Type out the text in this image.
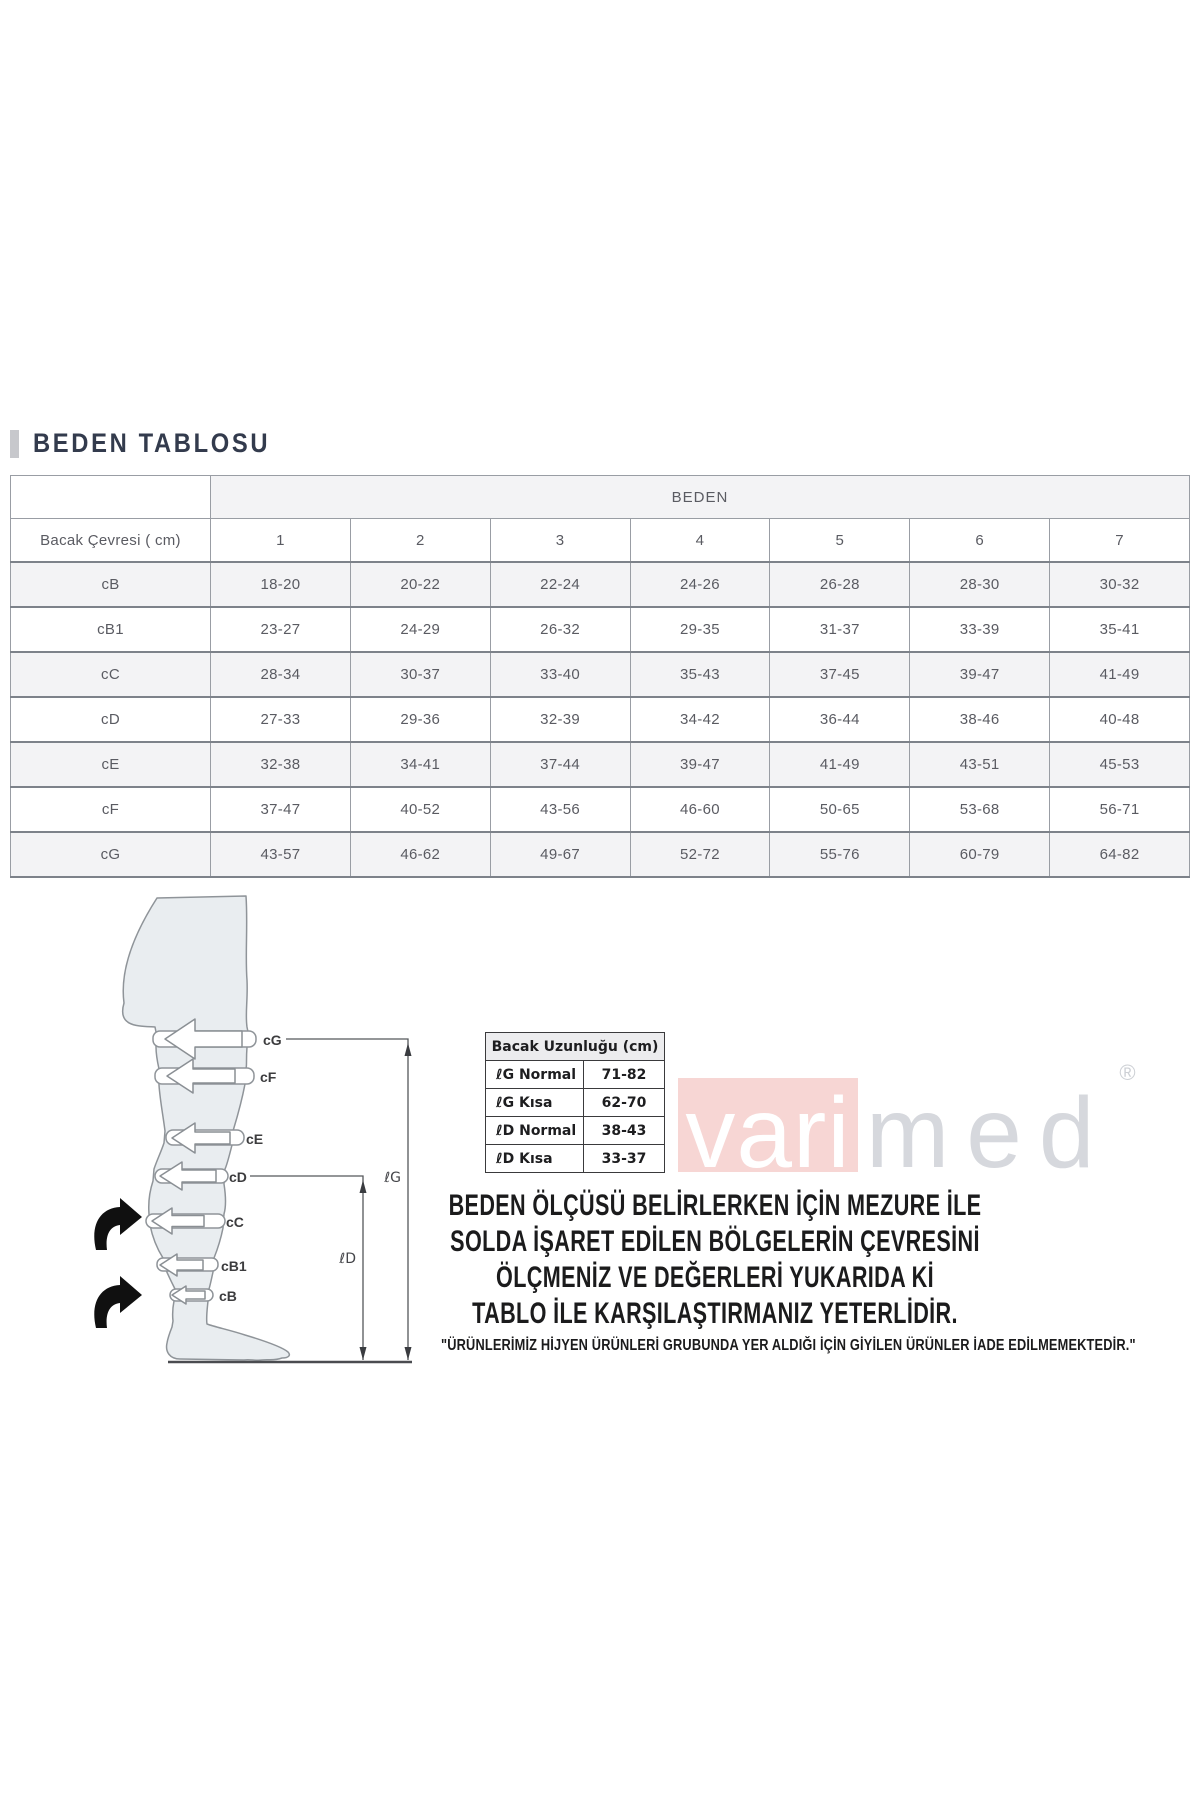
BEDEN TABLOSU
	BEDEN						
Bacak Çevresi ( cm)	1	2	3	4	5	6	7
cB	18-20	20-22	22-24	24-26	26-28	28-30	30-32
cB1	23-27	24-29	26-32	29-35	31-37	33-39	35-41
cC	28-34	30-37	33-40	35-43	37-45	39-47	41-49
cD	27-33	29-36	32-39	34-42	36-44	38-46	40-48
cE	32-38	34-41	37-44	39-47	41-49	43-51	45-53
cF	37-47	40-52	43-56	46-60	50-65	53-68	56-71
cG	43-57	46-62	49-67	52-72	55-76	60-79	64-82
cG
cF
cE
cD
cC
cB1
cB
ℓG
ℓD
Bacak Uzunluğu (cm)	
ℓG Normal	71-82
ℓG Kısa	62-70
ℓD Normal	38-43
ℓD Kısa	33-37 vari med
®
BEDEN ÖLÇÜSÜ BELİRLERKEN İÇİN MEZURE İLE
SOLDA İŞARET EDİLEN BÖLGELERİN ÇEVRESİNİ
ÖLÇMENİZ VE DEĞERLERİ YUKARIDA Kİ
TABLO İLE KARŞILAŞTIRMANIZ YETERLİDİR.
"ÜRÜNLERİMİZ HİJYEN ÜRÜNLERİ GRUBUNDA YER ALDIĞI İÇİN GİYİLEN ÜRÜNLER İADE EDİLMEMEKTEDİR."
